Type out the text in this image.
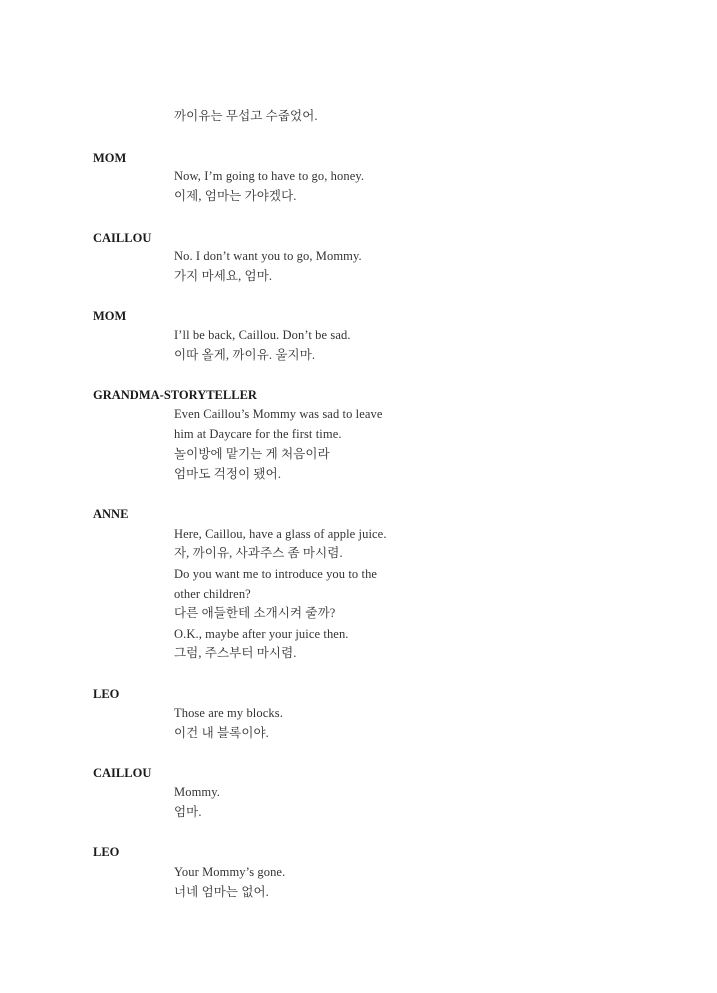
까이유는 무섭고 수줍었어.
MOM
Now, I’m going to have to go, honey.
이제, 엄마는 가야겠다.
CAILLOU
No. I don’t want you to go, Mommy.
가지 마세요, 엄마.
MOM
I’ll be back, Caillou. Don’t be sad.
이따 올게, 까이유. 울지마.
GRANDMA-STORYTELLER
Even Caillou’s Mommy was sad to leave
him at Daycare for the first time.
놀이방에 맡기는 게 처음이라
엄마도 걱정이 됐어.
ANNE
Here, Caillou, have a glass of apple juice.
자, 까이유, 사과주스 좀 마시렴.
Do you want me to introduce you to the
other children?
다른 애들한테 소개시켜 줄까?
O.K., maybe after your juice then.
그럼, 주스부터 마시렴.
LEO
Those are my blocks.
이건 내 블록이야.
CAILLOU
Mommy.
엄마.
LEO
Your Mommy’s gone.
너네 엄마는 없어.
